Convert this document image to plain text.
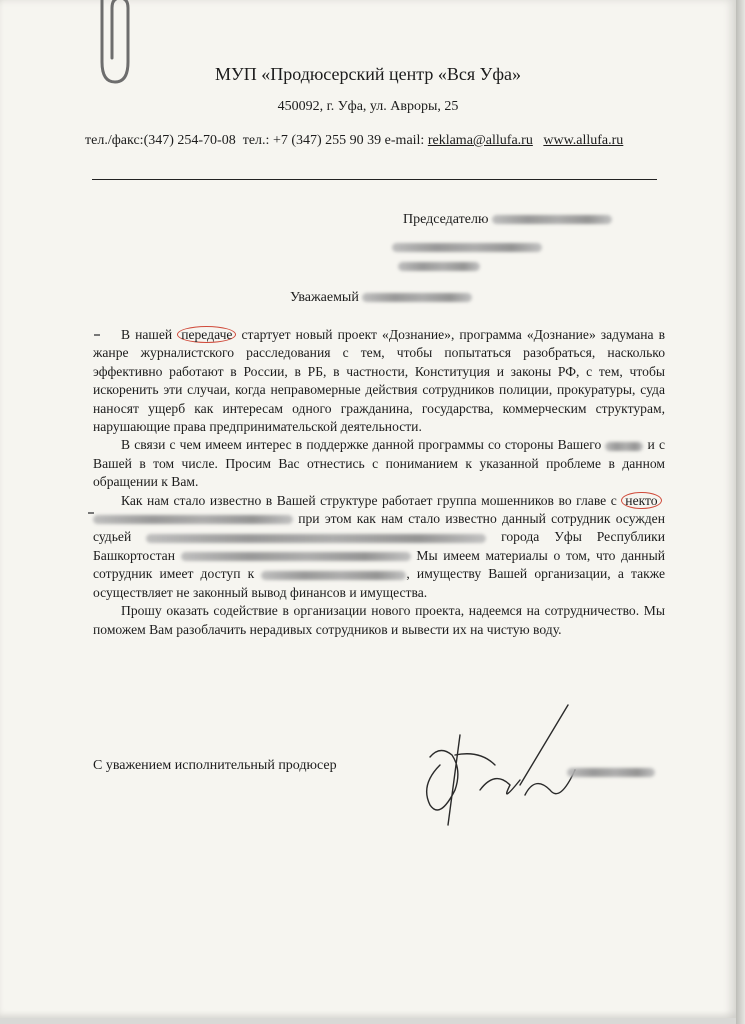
МУП «Продюсерский центр «Вся Уфа»
450092, г. Уфа, ул. Авроры, 25
тел./факс:(347) 254-70-08 тел.: +7 (347) 255 90 39 e-mail: reklama@allufa.ru www.allufa.ru
Председателю
Уважаемый

В нашей передаче стартует новый проект «Дознание», программа «Дознание» задумана в жанре журналистского расследования с тем, чтобы попытаться разобраться, насколько эффективно работают в России, в РБ, в частности, Конституция и законы РФ, с тем, чтобы искоренить эти случаи, когда неправомерные действия сотрудников полиции, прокуратуры, суда наносят ущерб как интересам одного гражданина, государства, коммерческим структурам, нарушающие права предпринимательской деятельности.

В связи с чем имеем интерес в поддержке данной программы со стороны Вашего	и с Вашей в том числе. Просим Вас отнестись с пониманием к указанной проблеме в данном обращении к Вам.

Как нам стало известно в Вашей структуре работает группа мошенников во главе с некто  при этом как нам стало известно данный сотрудник осужден судьей	города Уфы Республики Башкортостан	Мы имеем материалы о том, что данный сотрудник имеет доступ к	, имуществу Вашей организации, а также осуществляет не законный вывод финансов и имущества.

Прошу оказать содействие в организации нового проекта, надеемся на сотрудничество. Мы поможем Вам разоблачить нерадивых сотрудников и вывести их на чистую воду.

С уважением исполнительный продюсер
